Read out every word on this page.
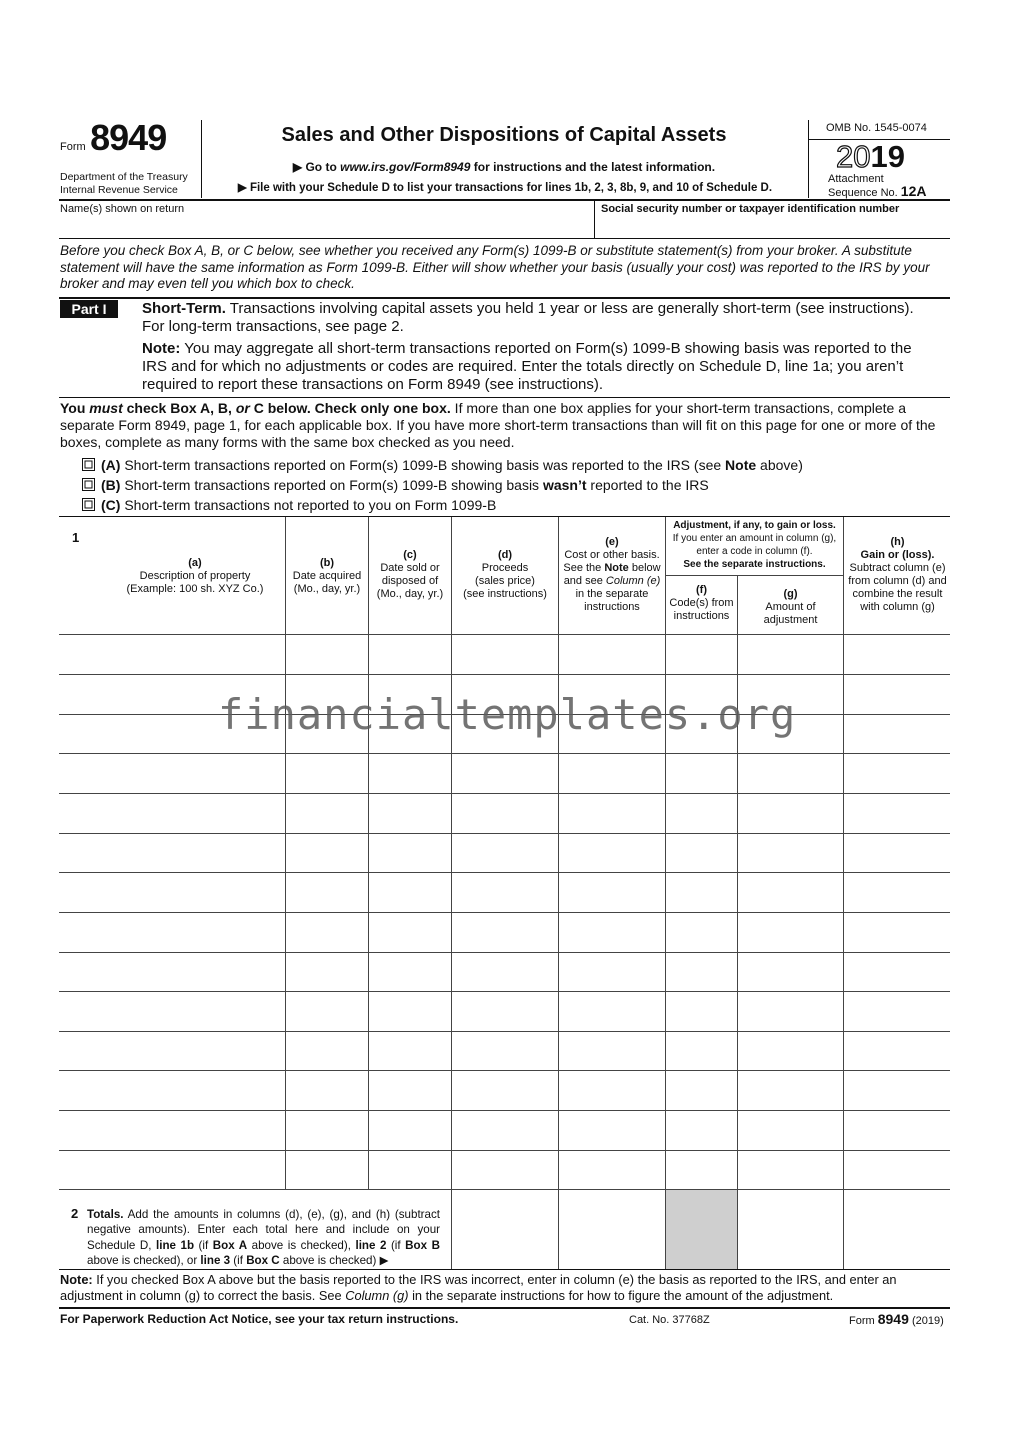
Form 8949
Department of the Treasury
Internal Revenue Service
Sales and Other Dispositions of Capital Assets
▶ Go to www.irs.gov/Form8949 for instructions and the latest information.
▶ File with your Schedule D to list your transactions for lines 1b, 2, 3, 8b, 9, and 10 of Schedule D.
OMB No. 1545-0074
2019
Attachment
Sequence No. 12A
Name(s) shown on return	Social security number or taxpayer identification number
Before you check Box A, B, or C below, see whether you received any Form(s) 1099-B or substitute statement(s) from your broker. A substitute statement will have the same information as Form 1099-B. Either will show whether your basis (usually your cost) was reported to the IRS by your broker and may even tell you which box to check.
Part I	Short-Term. Transactions involving capital assets you held 1 year or less are generally short-term (see instructions). For long-term transactions, see page 2.
Note: You may aggregate all short-term transactions reported on Form(s) 1099-B showing basis was reported to the IRS and for which no adjustments or codes are required. Enter the totals directly on Schedule D, line 1a; you aren’t required to report these transactions on Form 8949 (see instructions).
You must check Box A, B, or C below. Check only one box. If more than one box applies for your short-term transactions, complete a separate Form 8949, page 1, for each applicable box. If you have more short-term transactions than will fit on this page for one or more of the boxes, complete as many forms with the same box checked as you need.
(A) Short-term transactions reported on Form(s) 1099-B showing basis was reported to the IRS (see Note above)
(B) Short-term transactions reported on Form(s) 1099-B showing basis wasn’t reported to the IRS
(C) Short-term transactions not reported to you on Form 1099-B
1
(a)
Description of property
(Example: 100 sh. XYZ Co.)
(b)
Date acquired
(Mo., day, yr.)
(c)
Date sold or
disposed of
(Mo., day, yr.)
(d)
Proceeds
(sales price)
(see instructions)
(e)
Cost or other basis.
See the Note below
and see Column (e)
in the separate
instructions
Adjustment, if any, to gain or loss.
If you enter an amount in column (g),
enter a code in column (f).
See the separate instructions.
(f)
Code(s) from
instructions
(g)
Amount of
adjustment
(h)
Gain or (loss).
Subtract column (e)
from column (d) and
combine the result
with column (g)
2 Totals. Add the amounts in columns (d), (e), (g), and (h) (subtract negative amounts). Enter each total here and include on your Schedule D, line 1b (if Box A above is checked), line 2 (if Box B above is checked), or line 3 (if Box C above is checked) ▶
Note: If you checked Box A above but the basis reported to the IRS was incorrect, enter in column (e) the basis as reported to the IRS, and enter an adjustment in column (g) to correct the basis. See Column (g) in the separate instructions for how to figure the amount of the adjustment.
For Paperwork Reduction Act Notice, see your tax return instructions.	Cat. No. 37768Z	Form 8949 (2019)
financialtemplates.org
